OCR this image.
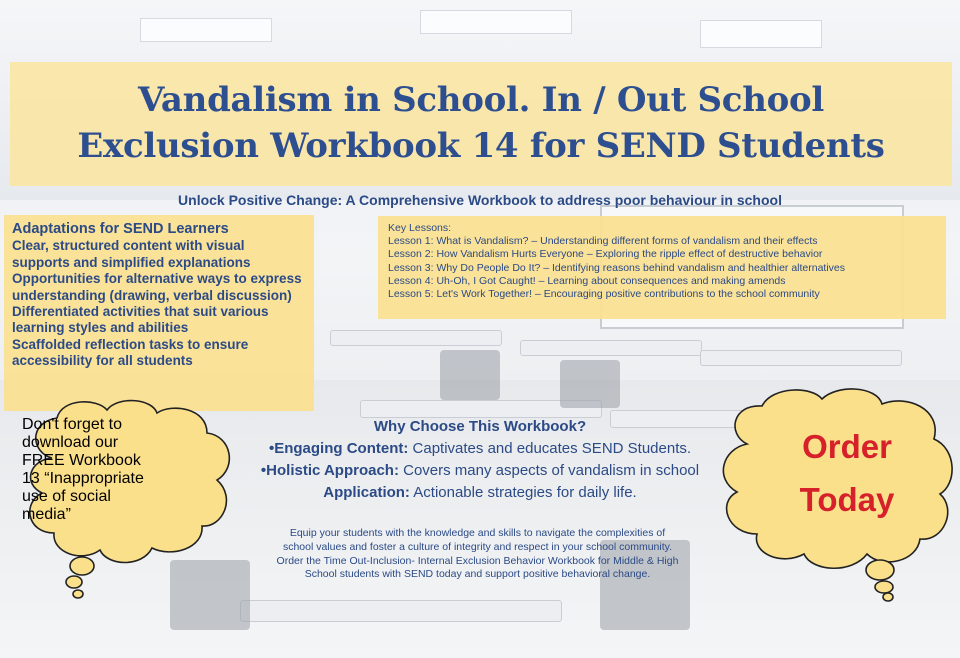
Vandalism in School. In / Out School
Exclusion Workbook 14 for SEND Students
Unlock Positive Change: A Comprehensive Workbook to address poor behaviour in school
Adaptations for SEND Learners
Clear, structured content with visual supports and simplified explanations
Opportunities for alternative ways to express understanding (drawing, verbal discussion)
Differentiated activities that suit various learning styles and abilities
Scaffolded reflection tasks to ensure accessibility for all students
Key Lessons:
Lesson 1: What is Vandalism? – Understanding different forms of vandalism and their effects
Lesson 2: How Vandalism Hurts Everyone – Exploring the ripple effect of destructive behavior
Lesson 3: Why Do People Do It? – Identifying reasons behind vandalism and healthier alternatives
Lesson 4: Uh-Oh, I Got Caught! – Learning about consequences and making amends
Lesson 5: Let's Work Together! – Encouraging positive contributions to the school community
Why Choose This Workbook?
•Engaging Content: Captivates and educates SEND Students.
•Holistic Approach: Covers many aspects of vandalism in school
Application: Actionable strategies for daily life.
Equip your students with the knowledge and skills to navigate the complexities of
school values and foster a culture of integrity and respect in your school community.
Order the Time Out-Inclusion- Internal Exclusion Behavior Workbook for Middle & High
School students with SEND today and support positive behavioral change.
Don't forget to
download our
FREE Workbook
13 “Inappropriate
use of social
media”
Order
Today
